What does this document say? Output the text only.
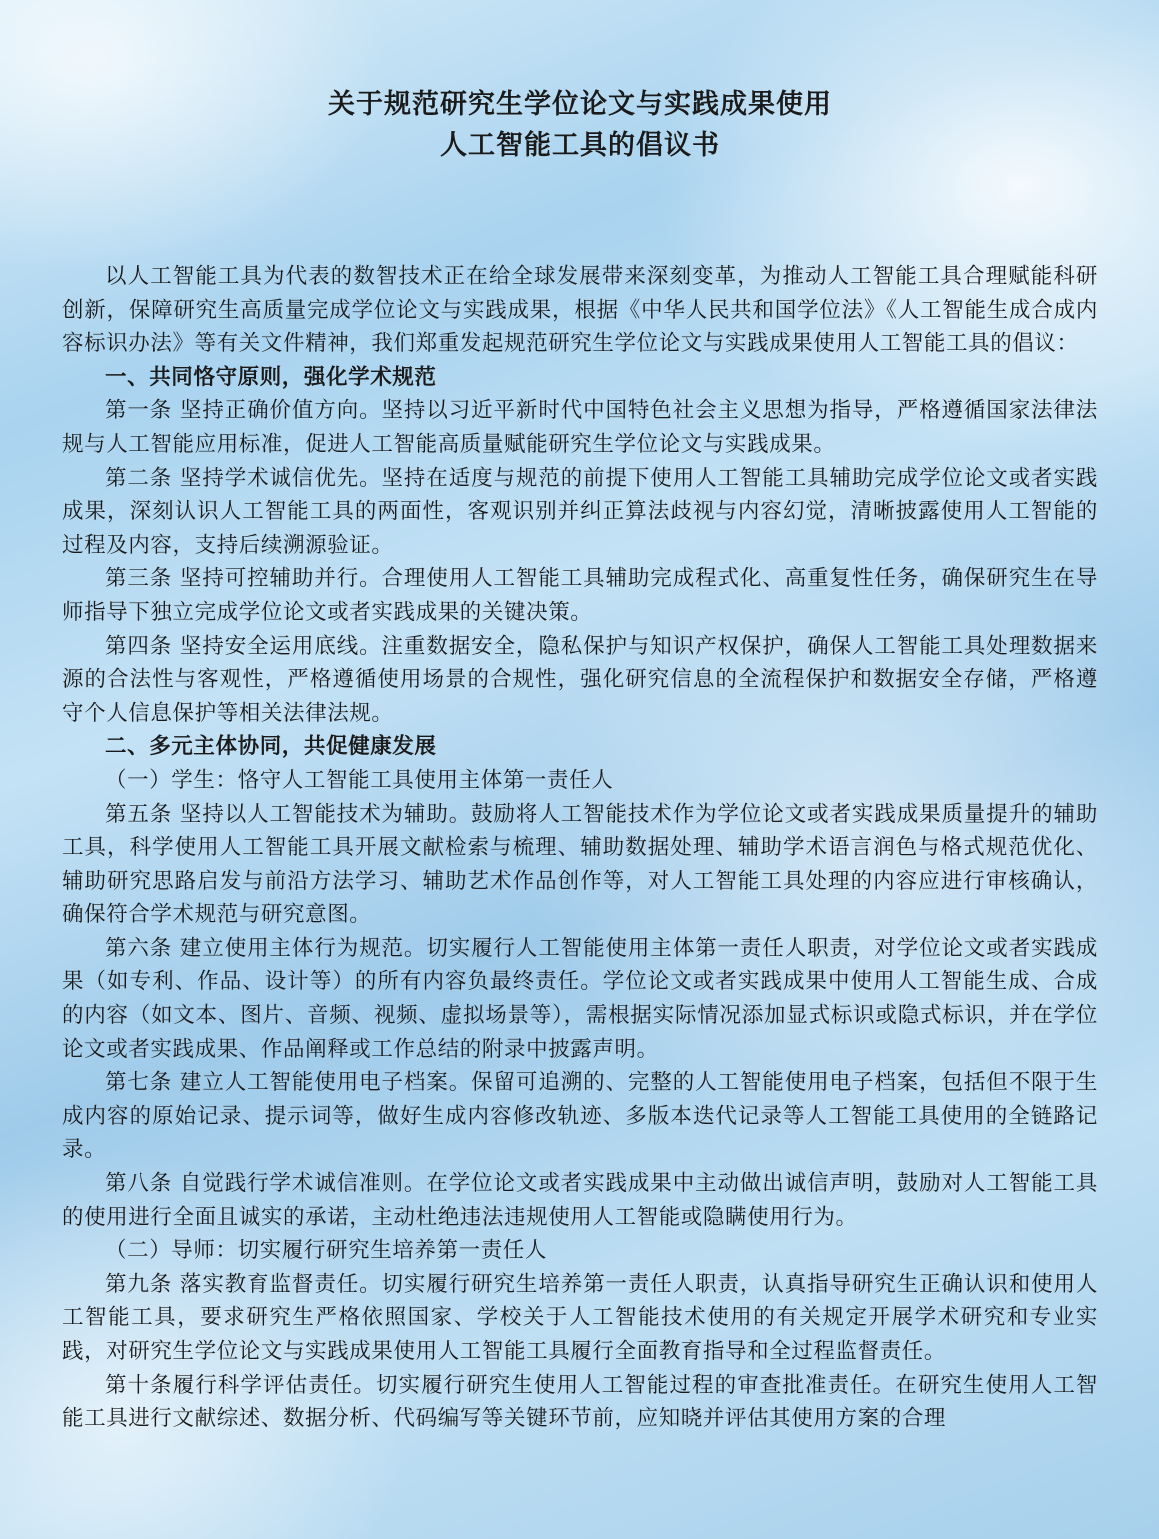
关于规范研究生学位论文与实践成果使用
人工智能工具的倡议书

以人工智能工具为代表的数智技术正在给全球发展带来深刻变革，为推动人工智能工具合理赋能科研创新，保障研究生高质量完成学位论文与实践成果，根据《中华人民共和国学位法》《人工智能生成合成内容标识办法》等有关文件精神，我们郑重发起规范研究生学位论文与实践成果使用人工智能工具的倡议：

一、共同恪守原则，强化学术规范

第一条 坚持正确价值方向。坚持以习近平新时代中国特色社会主义思想为指导，严格遵循国家法律法规与人工智能应用标准，促进人工智能高质量赋能研究生学位论文与实践成果。

第二条 坚持学术诚信优先。坚持在适度与规范的前提下使用人工智能工具辅助完成学位论文或者实践成果，深刻认识人工智能工具的两面性，客观识别并纠正算法歧视与内容幻觉，清晰披露使用人工智能的过程及内容，支持后续溯源验证。

第三条 坚持可控辅助并行。合理使用人工智能工具辅助完成程式化、高重复性任务，确保研究生在导师指导下独立完成学位论文或者实践成果的关键决策。

第四条 坚持安全运用底线。注重数据安全，隐私保护与知识产权保护，确保人工智能工具处理数据来源的合法性与客观性，严格遵循使用场景的合规性，强化研究信息的全流程保护和数据安全存储，严格遵守个人信息保护等相关法律法规。

二、多元主体协同，共促健康发展

（一）学生：恪守人工智能工具使用主体第一责任人

第五条 坚持以人工智能技术为辅助。鼓励将人工智能技术作为学位论文或者实践成果质量提升的辅助工具，科学使用人工智能工具开展文献检索与梳理、辅助数据处理、辅助学术语言润色与格式规范优化、辅助研究思路启发与前沿方法学习、辅助艺术作品创作等，对人工智能工具处理的内容应进行审核确认，确保符合学术规范与研究意图。

第六条 建立使用主体行为规范。切实履行人工智能使用主体第一责任人职责，对学位论文或者实践成果（如专利、作品、设计等）的所有内容负最终责任。学位论文或者实践成果中使用人工智能生成、合成的内容（如文本、图片、音频、视频、虚拟场景等），需根据实际情况添加显式标识或隐式标识，并在学位论文或者实践成果、作品阐释或工作总结的附录中披露声明。

第七条 建立人工智能使用电子档案。保留可追溯的、完整的人工智能使用电子档案，包括但不限于生成内容的原始记录、提示词等，做好生成内容修改轨迹、多版本迭代记录等人工智能工具使用的全链路记录。

第八条 自觉践行学术诚信准则。在学位论文或者实践成果中主动做出诚信声明，鼓励对人工智能工具的使用进行全面且诚实的承诺，主动杜绝违法违规使用人工智能或隐瞒使用行为。

（二）导师：切实履行研究生培养第一责任人

第九条 落实教育监督责任。切实履行研究生培养第一责任人职责，认真指导研究生正确认识和使用人工智能工具，要求研究生严格依照国家、学校关于人工智能技术使用的有关规定开展学术研究和专业实践，对研究生学位论文与实践成果使用人工智能工具履行全面教育指导和全过程监督责任。

第十条履行科学评估责任。切实履行研究生使用人工智能过程的审查批准责任。在研究生使用人工智能工具进行文献综述、数据分析、代码编写等关键环节前，应知晓并评估其使用方案的合理
